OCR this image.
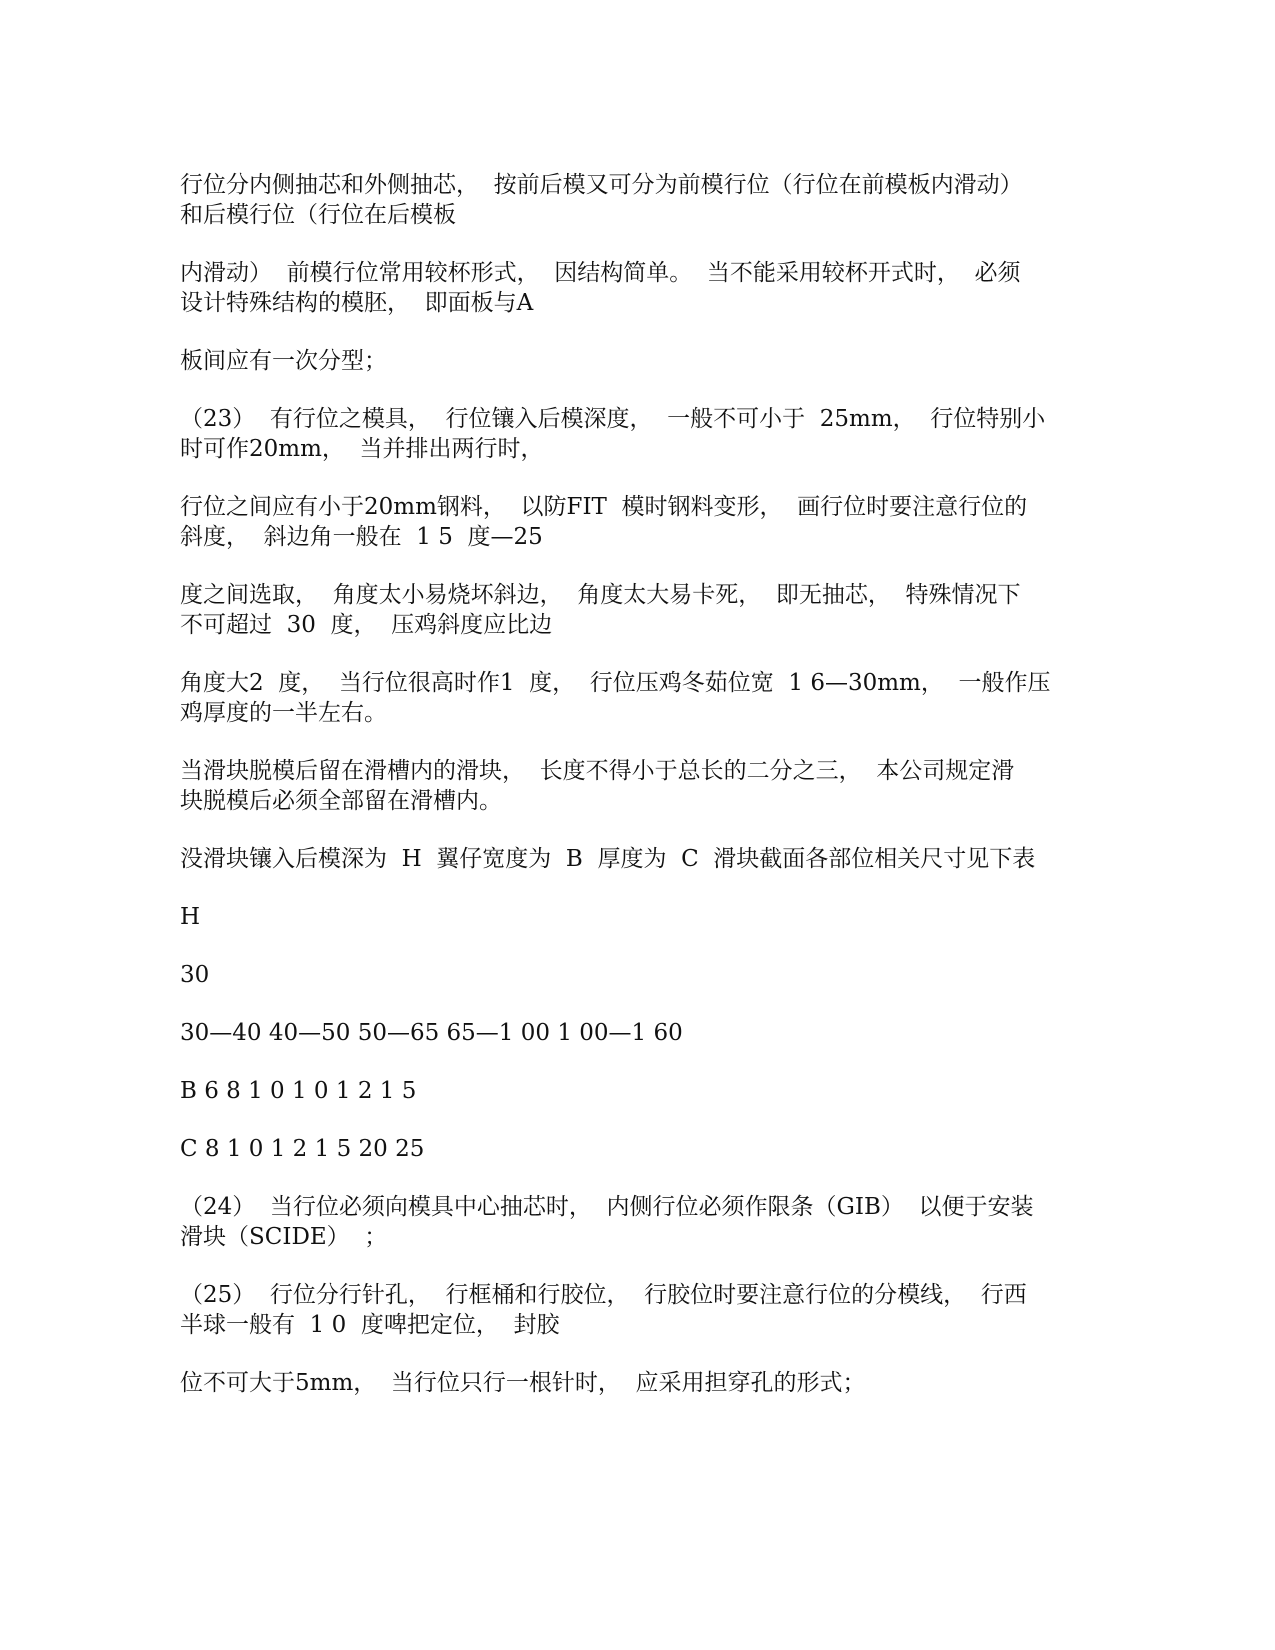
行位分内侧抽芯和外侧抽芯，  按前后模又可分为前模行位（行位在前模板内滑动）
和后模行位（行位在后模板
内滑动）  前模行位常用较杯形式，  因结构简单。  当不能采用较杯开式时，  必须
设计特殊结构的模胚，  即面板与A
板间应有一次分型；
（23）  有行位之模具，  行位镶入后模深度，  一般不可小于  25mm，  行位特别小
时可作20mm，  当并排出两行时，
行位之间应有小于20mm钢料，  以防FIT  模时钢料变形，  画行位时要注意行位的
斜度，  斜边角一般在  1 5  度—25
度之间选取，  角度太小易烧坏斜边，  角度太大易卡死，  即无抽芯，  特殊情况下
不可超过  30  度，  压鸡斜度应比边
角度大2  度，  当行位很高时作1  度，  行位压鸡冬茹位宽  1 6—30mm，  一般作压
鸡厚度的一半左右。
当滑块脱模后留在滑槽内的滑块，  长度不得小于总长的二分之三，  本公司规定滑
块脱模后必须全部留在滑槽内。
没滑块镶入后模深为  H  翼仔宽度为  B  厚度为  C  滑块截面各部位相关尺寸见下表
H
30
30—40 40—50 50—65 65—1 00 1 00—1 60
B 6 8 1 0 1 0 1 2 1 5
C 8 1 0 1 2 1 5 20 25
（24）  当行位必须向模具中心抽芯时，  内侧行位必须作限条（GIB）  以便于安装
滑块（SCIDE）  ；
（25）  行位分行针孔，  行框桶和行胶位，  行胶位时要注意行位的分模线，  行西
半球一般有  1 0  度啤把定位，  封胶
位不可大于5mm，  当行位只行一根针时，  应采用担穿孔的形式；
